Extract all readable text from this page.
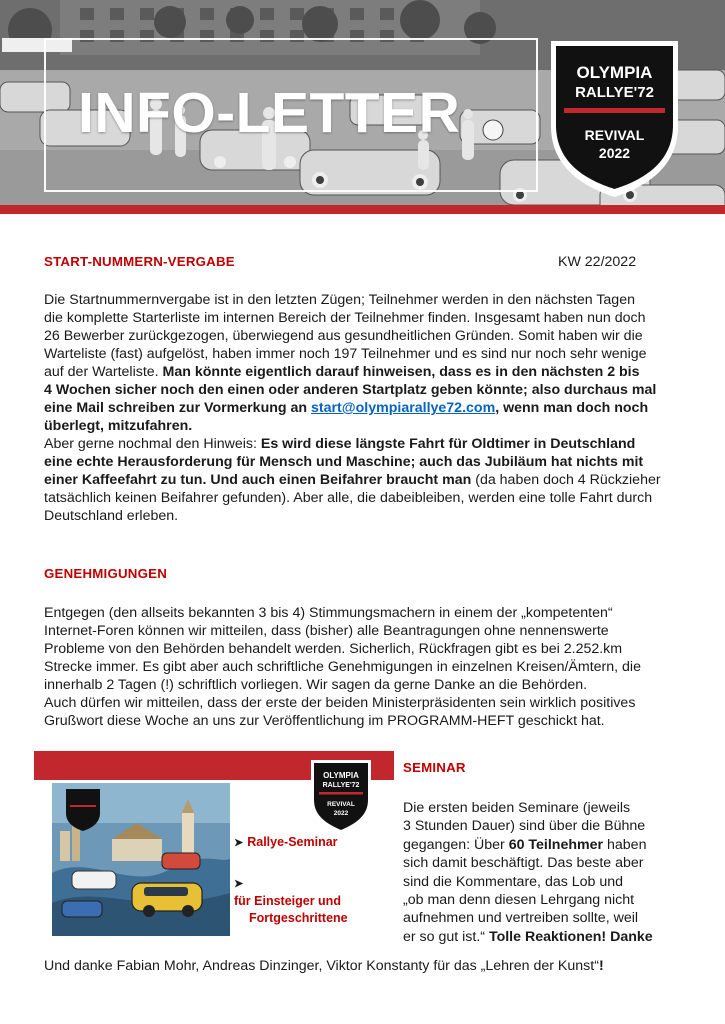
INFO-LETTER
OLYMPIA
RALLYE'72
REVIVAL
2022
START-NUMMERN-VERGABE	KW 22/2022
Die Startnummernvergabe ist in den letzten Zügen; Teilnehmer werden in den nächsten Tagen
die komplette Starterliste im internen Bereich der Teilnehmer finden. Insgesamt haben nun doch
26 Bewerber zurückgezogen, überwiegend aus gesundheitlichen Gründen. Somit haben wir die
Warteliste (fast) aufgelöst, haben immer noch 197 Teilnehmer und es sind nur noch sehr wenige
auf der Warteliste. Man könnte eigentlich darauf hinweisen, dass es in den nächsten 2 bis
4 Wochen sicher noch den einen oder anderen Startplatz geben könnte; also durchaus mal
eine Mail schreiben zur Vormerkung an start@olympiarallye72.com, wenn man doch noch
überlegt, mitzufahren.
Aber gerne nochmal den Hinweis: Es wird diese längste Fahrt für Oldtimer in Deutschland
eine echte Herausforderung für Mensch und Maschine; auch das Jubiläum hat nichts mit
einer Kaffeefahrt zu tun. Und auch einen Beifahrer braucht man (da haben doch 4 Rückzieher
tatsächlich keinen Beifahrer gefunden). Aber alle, die dabeibleiben, werden eine tolle Fahrt durch
Deutschland erleben.
GENEHMIGUNGEN
Entgegen (den allseits bekannten 3 bis 4) Stimmungsmachern in einem der „kompetenten“
Internet-Foren können wir mitteilen, dass (bisher) alle Beantragungen ohne nennenswerte
Probleme von den Behörden behandelt werden. Sicherlich, Rückfragen gibt es bei 2.252.km
Strecke immer. Es gibt aber auch schriftliche Genehmigungen in einzelnen Kreisen/Ämtern, die
innerhalb 2 Tagen (!) schriftlich vorliegen. Wir sagen da gerne Danke an die Behörden.
Auch dürfen wir mitteilen, dass der erste der beiden Ministerpräsidenten sein wirklich positives
Grußwort diese Woche an uns zur Veröffentlichung im PROGRAMM-HEFT geschickt hat.
OLYMPIA
RALLYE'72
REVIVAL
2022
➤ Rallye-Seminar
➤
für Einsteiger und
Fortgeschrittene
SEMINAR
Die ersten beiden Seminare (jeweils
3 Stunden Dauer) sind über die Bühne
gegangen: Über 60 Teilnehmer haben
sich damit beschäftigt. Das beste aber
sind die Kommentare, das Lob und
„ob man denn diesen Lehrgang nicht
aufnehmen und vertreiben sollte, weil
er so gut ist.“ Tolle Reaktionen! Danke
Und danke Fabian Mohr, Andreas Dinzinger, Viktor Konstanty für das „Lehren der Kunst“!
